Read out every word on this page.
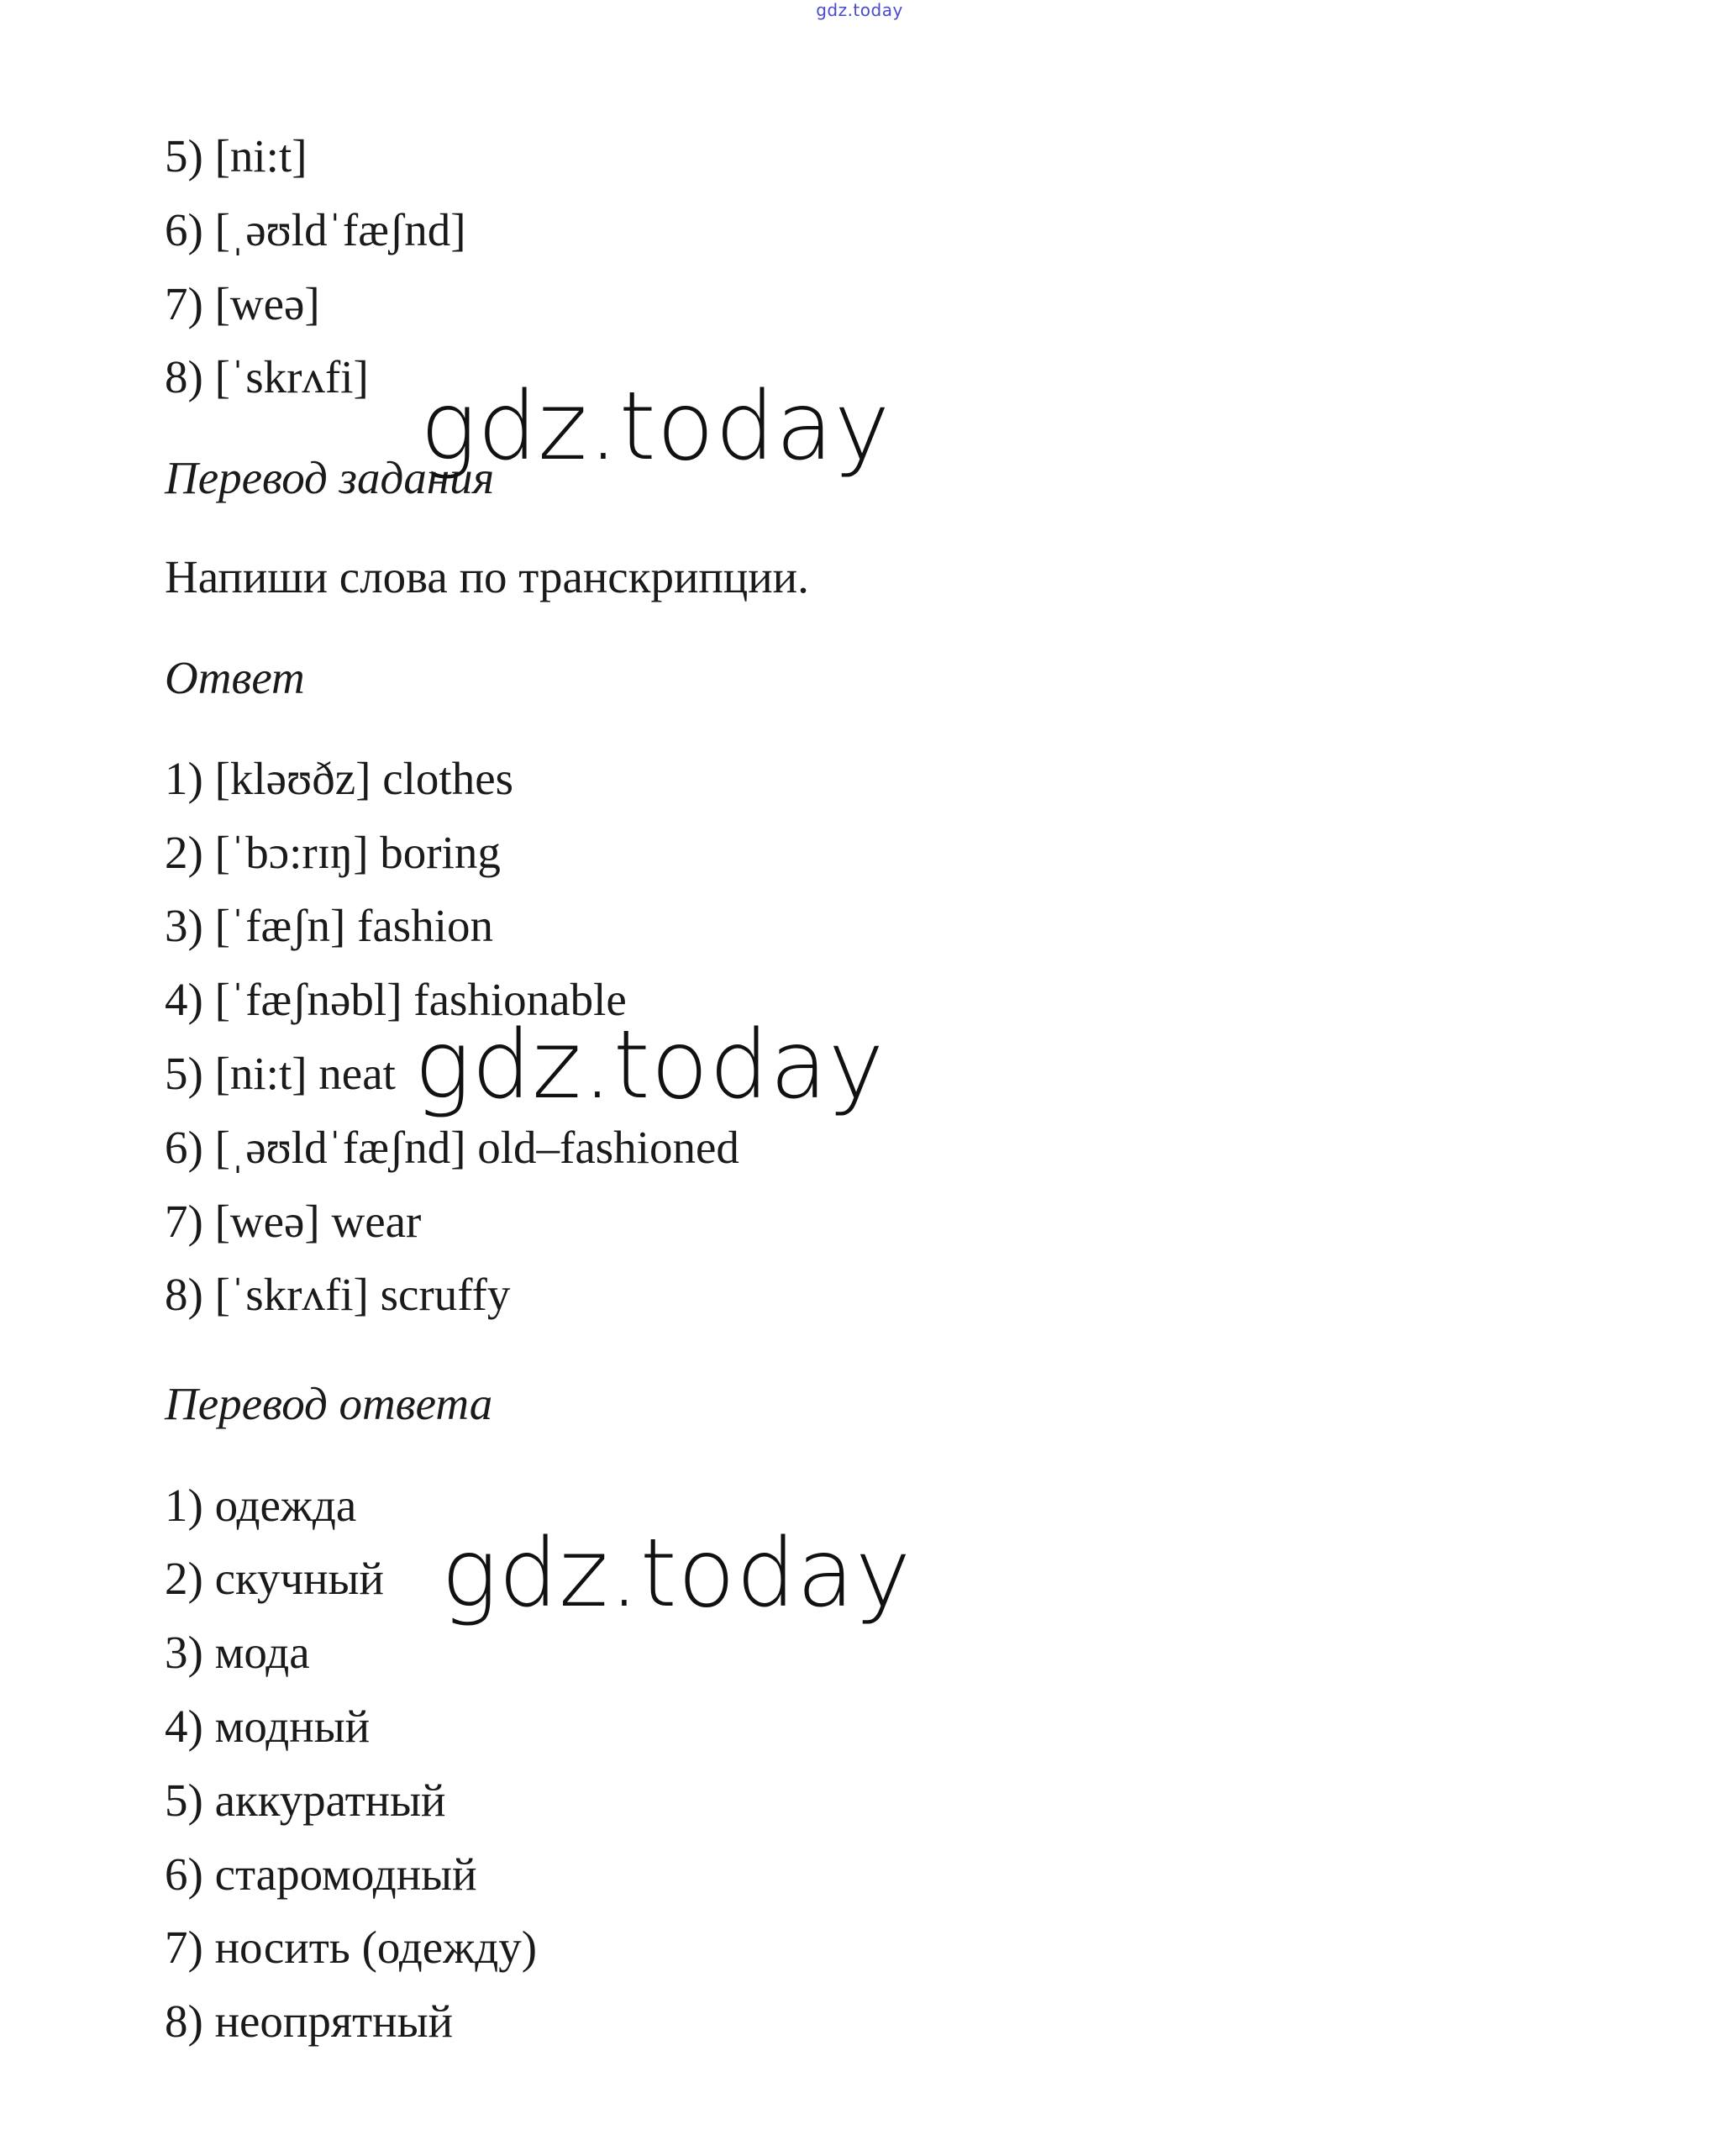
gdz.today
5) [ni:t]
6) [ˌəʊldˈfæʃnd]
7) [weə]
8) [ˈskrʌfi]
Перевод задания
Напиши слова по транскрипции.
Ответ
1) [kləʊðz] clothes
2) [ˈbɔ:rɪŋ] boring
3) [ˈfæʃn] fashion
4) [ˈfæʃnəbl] fashionable
5) [ni:t] neat
6) [ˌəʊldˈfæʃnd] old–fashioned
7) [weə] wear
8) [ˈskrʌfi] scruffy
Перевод ответа
1) одежда
2) скучный
3) мода
4) модный
5) аккуратный
6) старомодный
7) носить (одежду)
8) неопрятный
gdz.today
gdz.today
gdz.today
